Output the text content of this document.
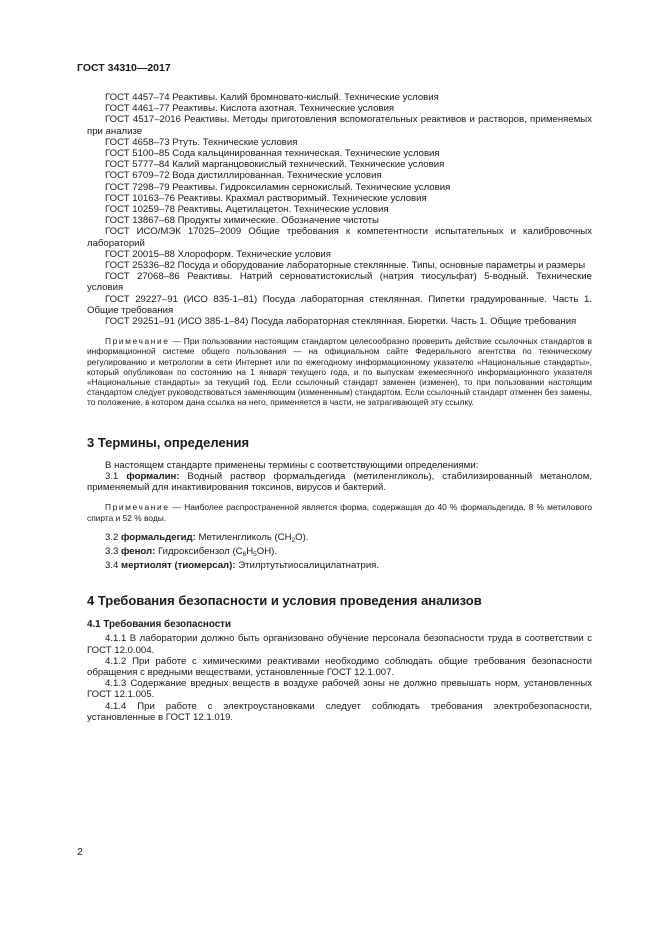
ГОСТ 34310—2017

ГОСТ 4457–74 Реактивы. Калий бромновато-кислый. Технические условия

ГОСТ 4461–77 Реактивы. Кислота азотная. Технические условия

ГОСТ 4517–2016 Реактивы. Методы приготовления вспомогательных реактивов и растворов, применяемых при анализе

ГОСТ 4658–73 Ртуть. Технические условия

ГОСТ 5100–85 Сода кальцинированная техническая. Технические условия

ГОСТ 5777–84 Калий марганцовокислый технический. Технические условия

ГОСТ 6709–72 Вода дистиллированная. Технические условия

ГОСТ 7298–79 Реактивы. Гидроксиламин сернокислый. Технические условия

ГОСТ 10163–76 Реактивы. Крахмал растворимый. Технические условия

ГОСТ 10259–78 Реактивы. Ацетилацетон. Технические условия

ГОСТ 13867–68 Продукты химические. Обозначение чистоты

ГОСТ ИСО/МЭК 17025–2009 Общие требования к компетентности испытательных и калибровочных лабораторий

ГОСТ 20015–88 Хлороформ. Технические условия

ГОСТ 25336–82 Посуда и оборудование лабораторные стеклянные. Типы, основные параметры и размеры

ГОСТ 27068–86 Реактивы. Натрий серноватистокислый (натрия тиосульфат) 5-водный. Технические условия

ГОСТ 29227–91 (ИСО 835-1–81) Посуда лабораторная стеклянная. Пипетки градуированные. Часть 1. Общие требования

ГОСТ 29251–91 (ИСО 385-1–84) Посуда лабораторная стеклянная. Бюретки. Часть 1. Общие требования

Примечание — При пользовании настоящим стандартом целесообразно проверить действие ссылочных стандартов в информационной системе общего пользования — на официальном сайте Федерального агентства по техническому регулированию и метрологии в сети Интернет или по ежегодному информационному указателю «Национальные стандарты», который опубликован по состоянию на 1 января текущего года, и по выпускам ежемесячного информационного указателя «Национальные стандарты» за текущий год. Если ссылочный стандарт заменен (изменен), то при пользовании настоящим стандартом следует руководствоваться заменяющим (измененным) стандартом. Если ссылочный стандарт отменен без замены, то положение, в котором дана ссылка на него, применяется в части, не затрагивающей эту ссылку.

3 Термины, определения

В настоящем стандарте применены термины с соответствующими определениями:

3.1 формалин: Водный раствор формальдегида (метиленгликоль), стабилизированный метанолом, применяемый для инактивирования токсинов, вирусов и бактерий.

Примечание — Наиболее распространенной является форма, содержащая до 40 % формальдегида, 8 % метилового спирта и 52 % воды.

3.2 формальдегид: Метиленгликоль $(CH_2O)$.

3.3 фенол: Гидроксибензол $(C_6H_5OH)$.

3.4 мертиолят (тиомерсал): Этилртутьтиосалицилатнатрия.

4 Требования безопасности и условия проведения анализов
4.1 Требования безопасности

4.1.1 В лаборатории должно быть организовано обучение персонала безопасности труда в соответствии с ГОСТ 12.0.004.

4.1.2 При работе с химическими реактивами необходимо соблюдать общие требования безопасности обращения с вредными веществами, установленные ГОСТ 12.1.007.

4.1.3 Содержание вредных веществ в воздухе рабочей зоны не должно превышать норм, установленных ГОСТ 12.1.005.

4.1.4 При работе с электроустановками следует соблюдать требования электробезопасности, установленные в ГОСТ 12.1.019.

2
